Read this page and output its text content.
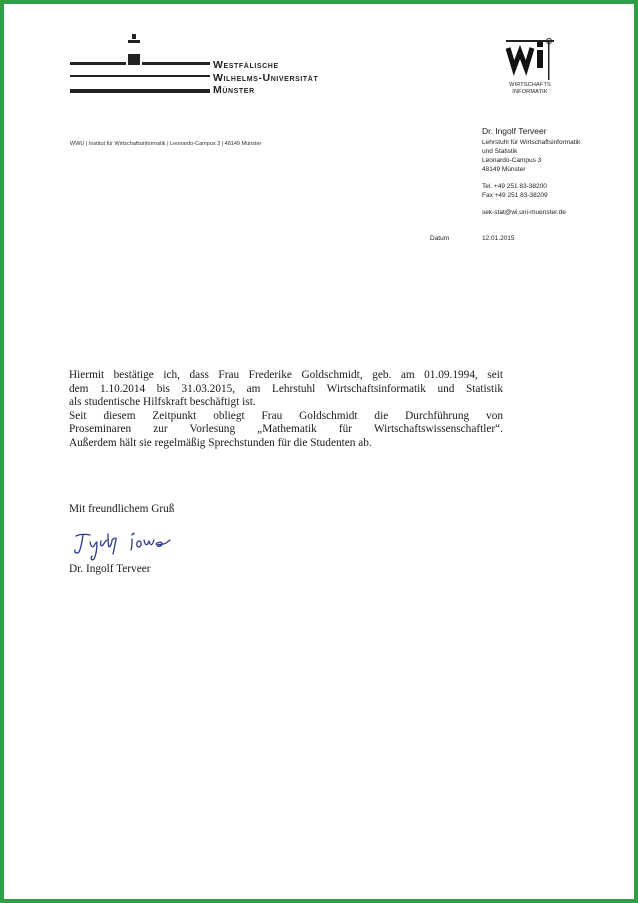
Westfälische
Wilhelms-Universität
Münster	WIRTSCHAFTS
INFORMATIK
WWU | Institut für Wirtschaftsinformatik | Leonardo-Campus 3 | 48149 Münster
Dr. Ingolf Terveer
Lehrstuhl für Wirtschaftsinformatik
und Statistik
Leonardo-Campus 3
48149 Münster
Tel. +49 251 83-38200
Fax +49 251 83-38209
sek-stat@wi.uni-muenster.de
Datum	12.01.2015
Hiermit bestätige ich, dass Frau Frederike Goldschmidt, geb. am 01.09.1994, seit
dem 1.10.2014 bis 31.03.2015, am Lehrstuhl Wirtschaftsinformatik und Statistik
als studentische Hilfskraft beschäftigt ist.
Seit diesem Zeitpunkt obliegt Frau Goldschmidt die Durchführung von
Proseminaren zur Vorlesung „Mathematik für Wirtschaftswissenschaftler“.
Außerdem hält sie regelmäßig Sprechstunden für die Studenten ab.
Mit freundlichem Gruß
Dr. Ingolf Terveer
